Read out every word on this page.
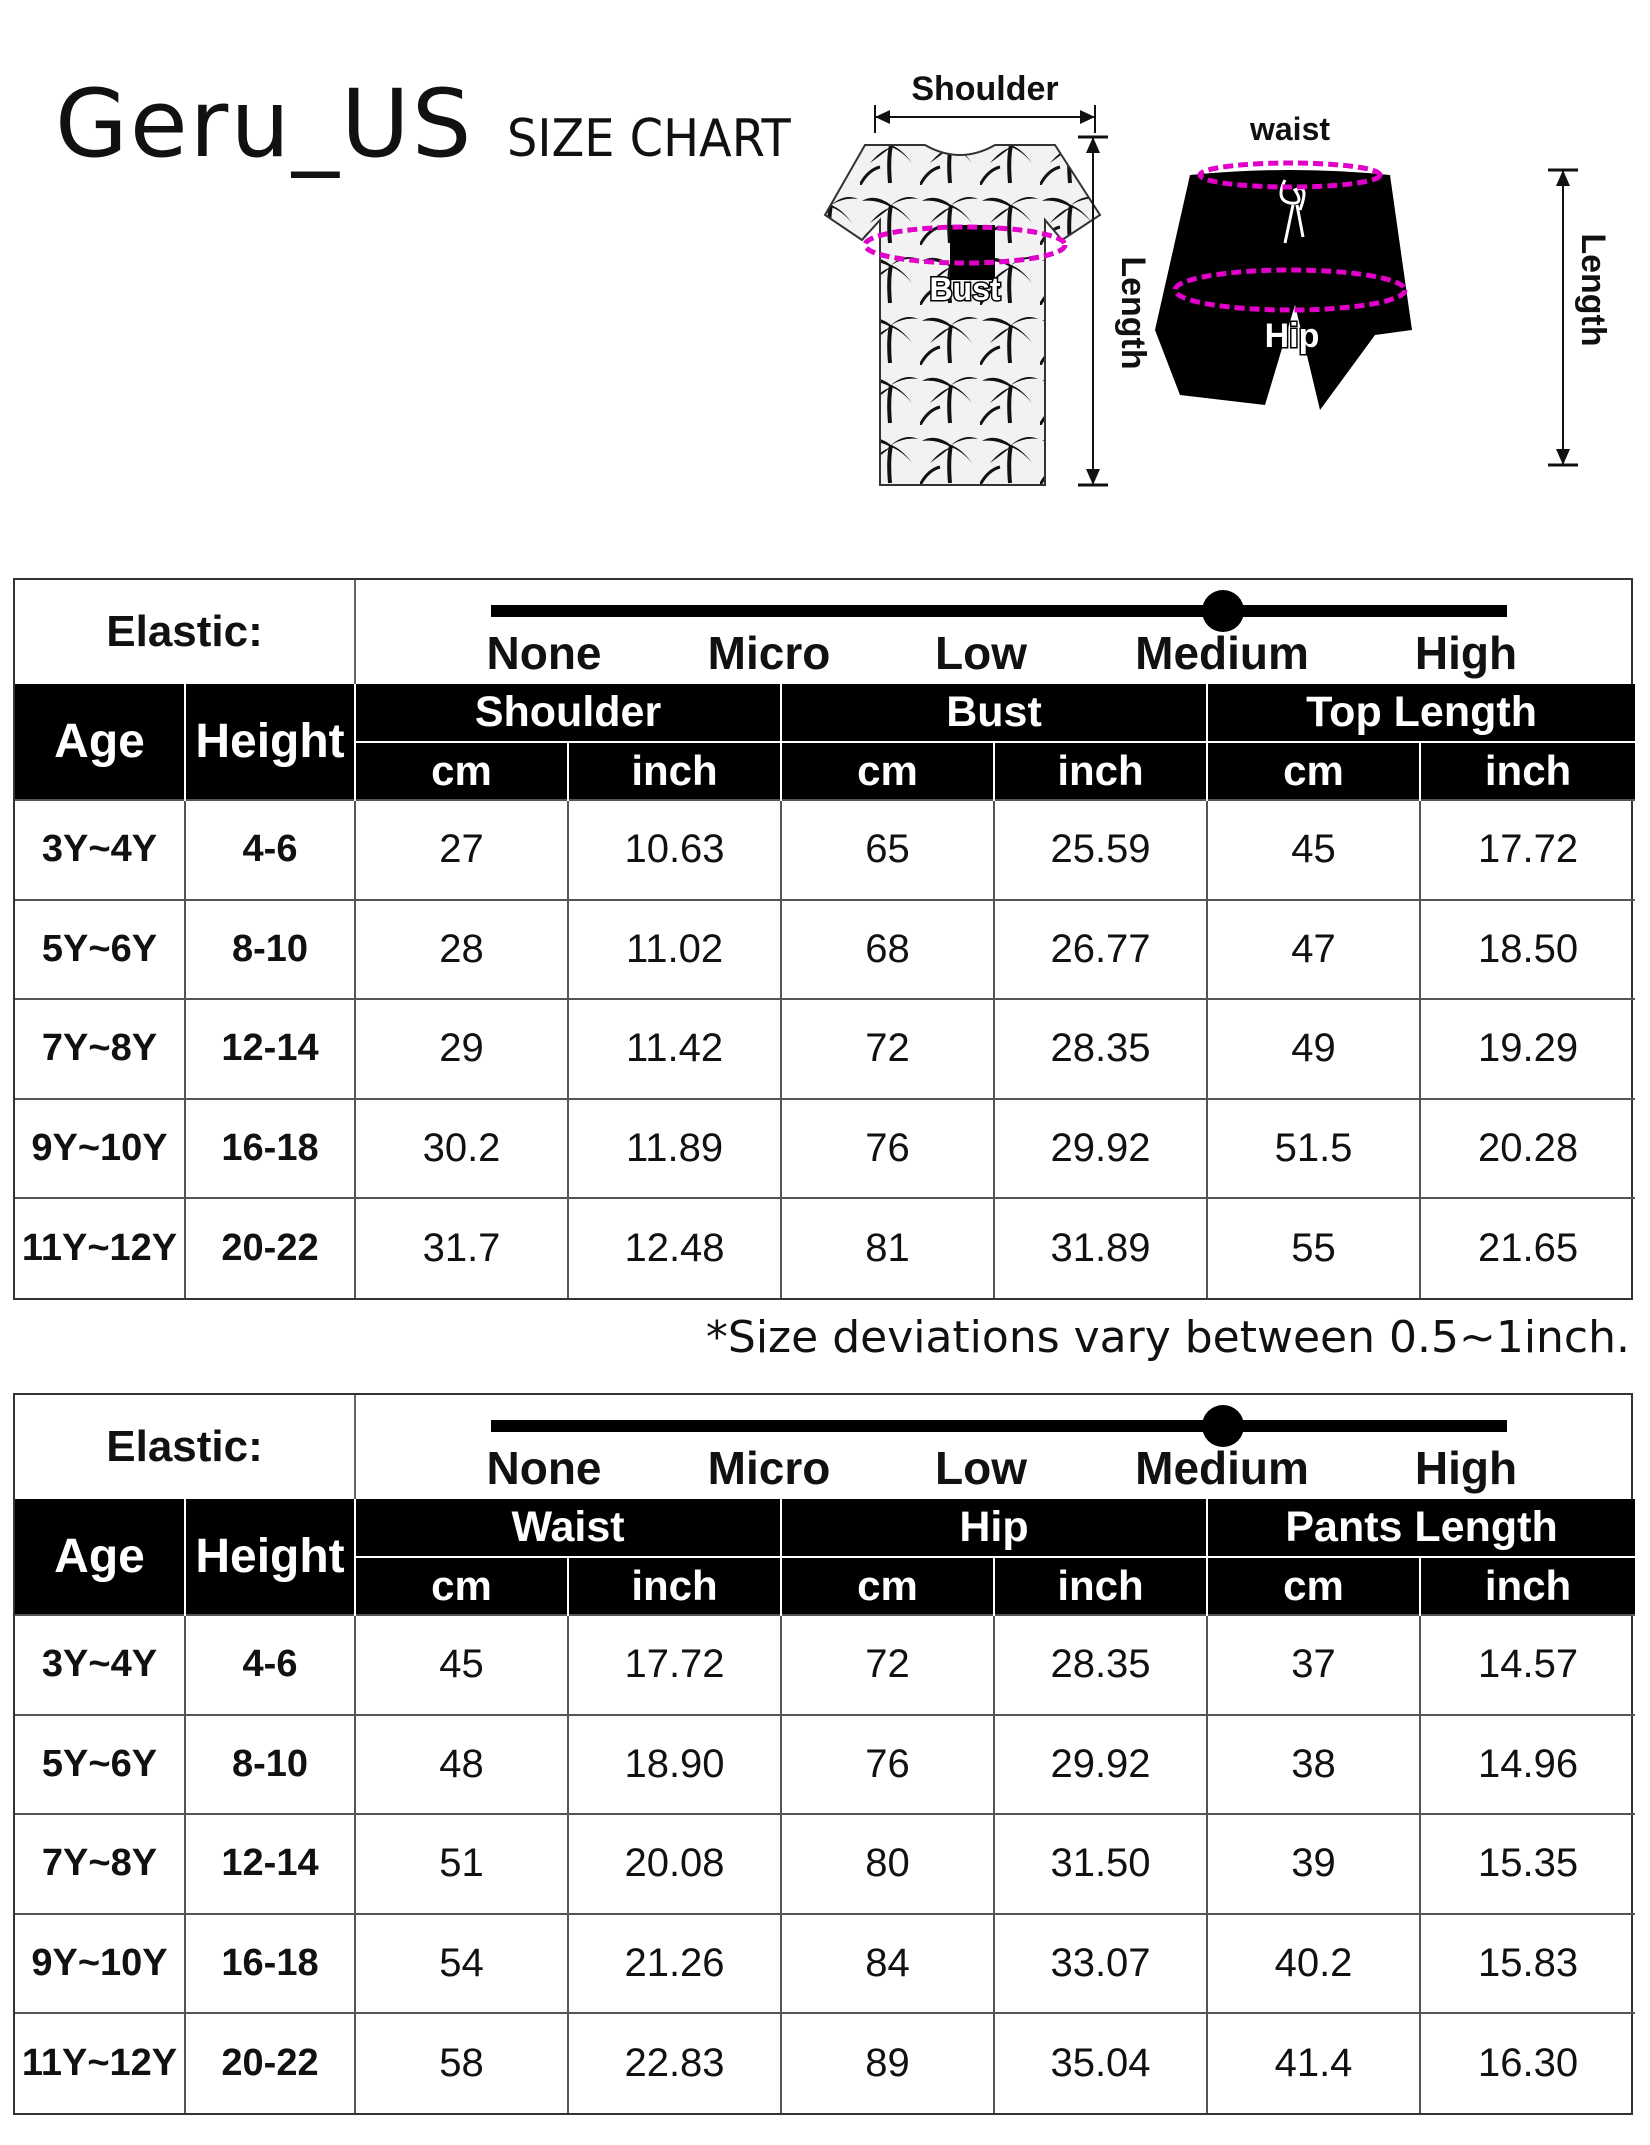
Geru_US SIZE CHART
Shoulder
Bust	Length
waist
Hip	Length
Elastic:		None Micro Low Medium High					

Age	Height	Shoulder		Bust		Top Length	
		cm	inch	cm	inch	cm	inch
3Y~4Y	4-6	27	10.63	65	25.59	45	17.72
5Y~6Y	8-10	28	11.02	68	26.77	47	18.50
7Y~8Y	12-14	29	11.42	72	28.35	49	19.29
9Y~10Y	16-18	30.2	11.89	76	29.92	51.5	20.28
11Y~12Y	20-22	31.7	12.48	81	31.89	55	21.65
*Size deviations vary between 0.5~1inch.
Elastic:		None Micro Low Medium High					

Age	Height	Waist		Hip		Pants Length	
		cm	inch	cm	inch	cm	inch
3Y~4Y	4-6	45	17.72	72	28.35	37	14.57
5Y~6Y	8-10	48	18.90	76	29.92	38	14.96
7Y~8Y	12-14	51	20.08	80	31.50	39	15.35
9Y~10Y	16-18	54	21.26	84	33.07	40.2	15.83
11Y~12Y	20-22	58	22.83	89	35.04	41.4	16.30
